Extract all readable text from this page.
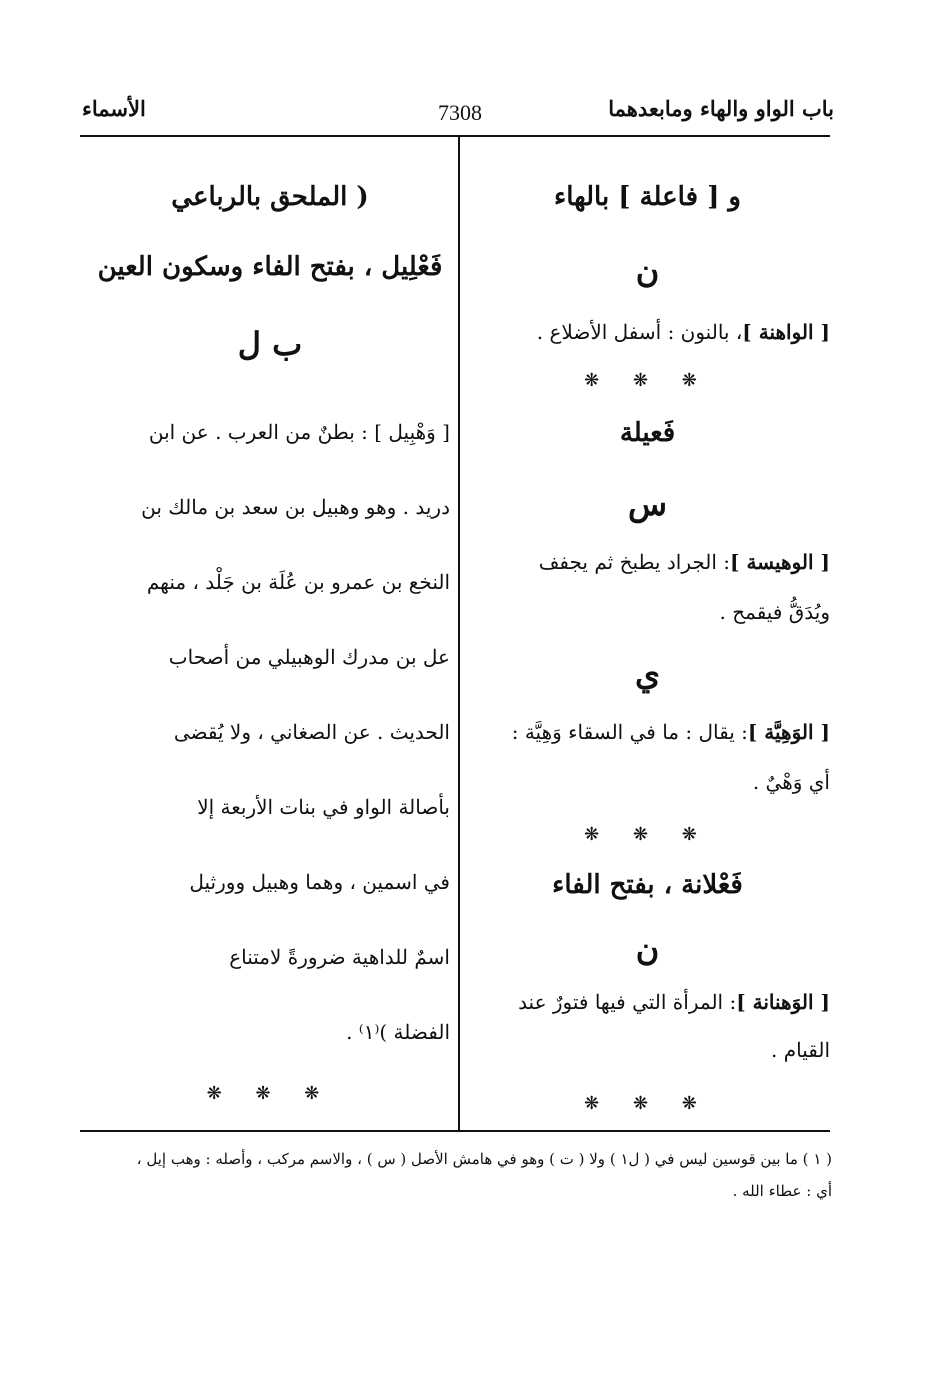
باب الواو والهاء ومابعدهما
7308
الأسماء
و [ فاعلة ] بالهاء
ن
[ الواهنة ]، بالنون : أسفل الأضلاع .
❋ ❋ ❋
فَعيلة
س
[ الوهيسة ]: الجراد يطبخ ثم يجفف
ويُدَقُّ فيقمح .
ي
[ الوَهِيَّة ]: يقال : ما في السقاء وَهِيَّة :
أي وَهْيٌ .
❋ ❋ ❋
فَعْلانة ، بفتح الفاء
ن
[ الوَهنانة ]: المرأة التي فيها فتورٌ عند
القيام .
❋ ❋ ❋
( الملحق بالرباعي
فَعْلِيل ، بفتح الفاء وسكون العين
ب ل
[ وَهْبِيل ] : بطنٌ من العرب . عن ابن
دريد . وهو وهبيل بن سعد بن مالك بن
النخع بن عمرو بن عُلَة بن جَلْد ، منهم
عل بن مدرك الوهبيلي من أصحاب
الحديث . عن الصغاني ، ولا يُقضى
بأصالة الواو في بنات الأربعة إلا
في اسمين ، وهما وهبيل وورثيل
اسمٌ للداهية ضرورةً لامتناع
الفضلة )⁽١⁾ .
❋ ❋ ❋
( ١ ) ما بين قوسين ليس في ( ل١ ) ولا ( ت ) وهو في هامش الأصل ( س ) ، والاسم مركب ، وأصله : وهب إيل ،
أي : عطاء الله .
